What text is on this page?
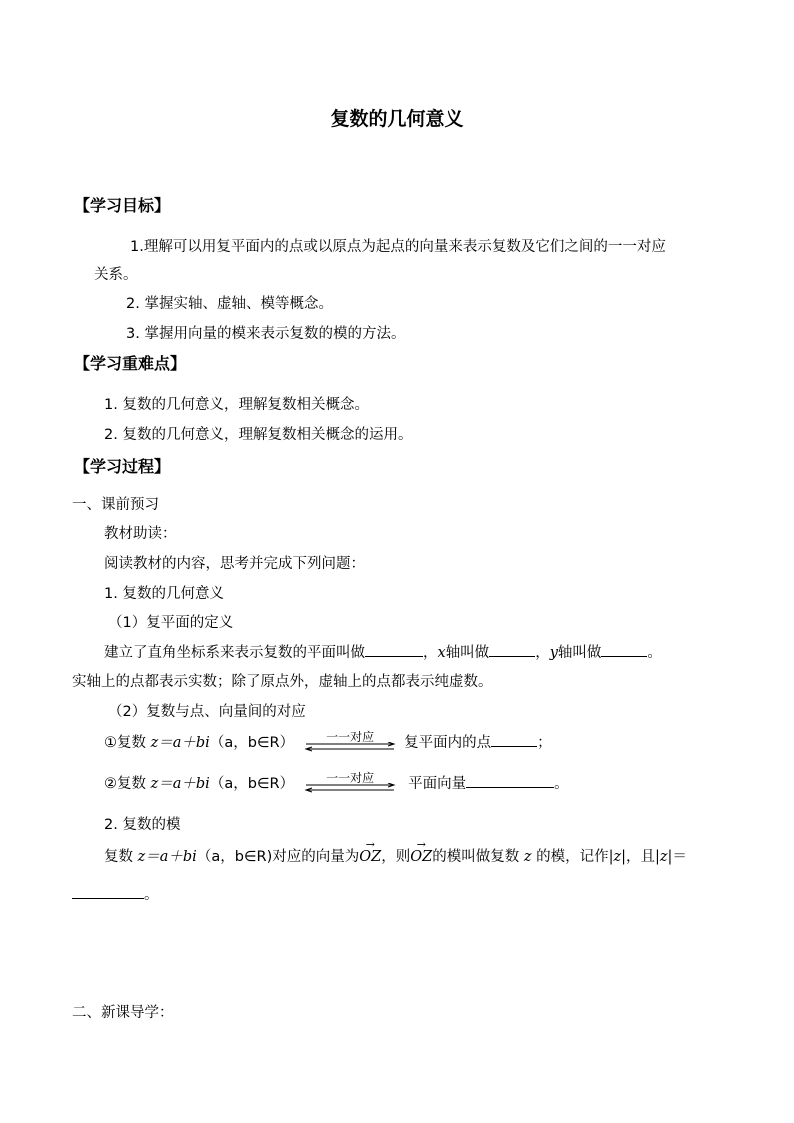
复数的几何意义
【学习目标】
1.理解可以用复平面内的点或以原点为起点的向量来表示复数及它们之间的一一对应
关系。
2. 掌握实轴、虚轴、模等概念。
3. 掌握用向量的模来表示复数的模的方法。
【学习重难点】
1. 复数的几何意义，理解复数相关概念。
2. 复数的几何意义，理解复数相关概念的运用。
【学习过程】
一、课前预习
教材助读：
阅读教材的内容，思考并完成下列问题：
1. 复数的几何意义
（1）复平面的定义
建立了直角坐标系来表示复数的平面叫做	，x轴叫做	，y轴叫做	。
实轴上的点都表示实数；除了原点外，虚轴上的点都表示纯虚数。
（2）复数与点、向量间的对应
①复数 z＝a＋bi（a，b∈R）	一一对应	复平面内的点	；
②复数 z＝a＋bi（a，b∈R）	一一对应	平面向量	。
2. 复数的模
复数 z＝a＋bi（a，b∈R)对应的向量为
→
OZ，则
→
OZ的模叫做复数 z 的模，记作|z|，且|z|＝
。
二、新课导学：
